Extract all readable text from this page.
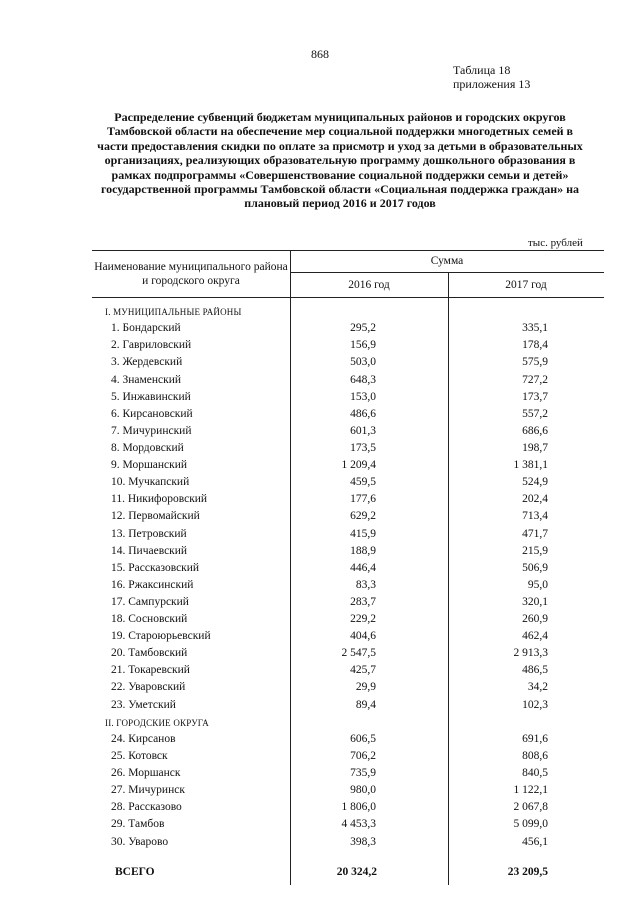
868
Таблица 18
приложения 13
Распределение субвенций бюджетам муниципальных районов и городских округов Тамбовской области на обеспечение мер социальной поддержки многодетных семей в части предоставления скидки по оплате за присмотр и уход за детьми в образовательных организациях, реализующих образовательную программу дошкольного образования в рамках подпрограммы «Совершенствование социальной поддержки семьи и детей» государственной программы Тамбовской области «Социальная поддержка граждан» на плановый период 2016 и 2017 годов
тыс. рублей
Наименование муниципального района и городского округа
Сумма
2016 год	2017 год
I. МУНИЦИПАЛЬНЫЕ РАЙОНЫ
1. Бондарский	295,2	335,1
2. Гавриловский	156,9	178,4
3. Жердевский	503,0	575,9
4. Знаменский	648,3	727,2
5. Инжавинский	153,0	173,7
6. Кирсановский	486,6	557,2
7. Мичуринский	601,3	686,6
8. Мордовский	173,5	198,7
9. Моршанский	1 209,4	1 381,1
10. Мучкапский	459,5	524,9
11. Никифоровский	177,6	202,4
12. Первомайский	629,2	713,4
13. Петровский	415,9	471,7
14. Пичаевский	188,9	215,9
15. Рассказовский	446,4	506,9
16. Ржаксинский	83,3	95,0
17. Сампурский	283,7	320,1
18. Сосновский	229,2	260,9
19. Староюрьевский	404,6	462,4
20. Тамбовский	2 547,5	2 913,3
21. Токаревский	425,7	486,5
22. Уваровский	29,9	34,2
23. Уметский	89,4	102,3
II. ГОРОДСКИЕ ОКРУГА
24. Кирсанов	606,5	691,6
25. Котовск	706,2	808,6
26. Моршанск	735,9	840,5
27. Мичуринск	980,0	1 122,1
28. Рассказово	1 806,0	2 067,8
29. Тамбов	4 453,3	5 099,0
30. Уварово	398,3	456,1
ВСЕГО	20 324,2	23 209,5
